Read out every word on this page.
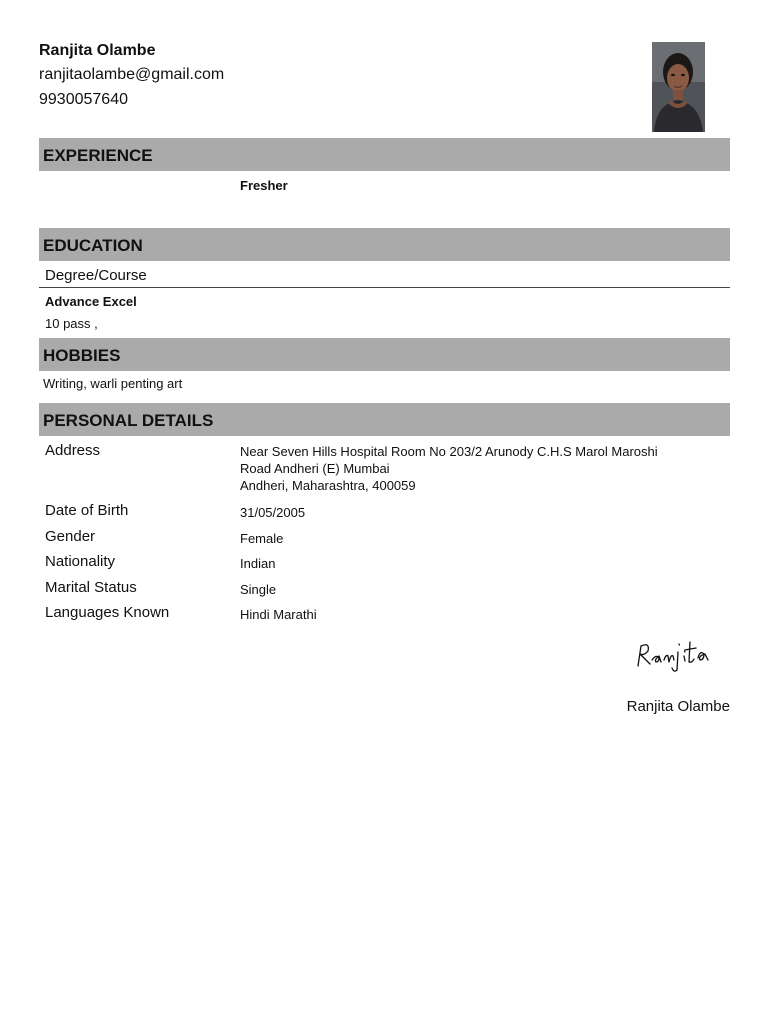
Ranjita Olambe
ranjitaolambe@gmail.com
9930057640
EXPERIENCE
Fresher
EDUCATION
Degree/Course
Advance Excel
10 pass ,
HOBBIES
Writing, warli penting art
PERSONAL DETAILS
Address	Near Seven Hills Hospital Room No 203/2 Arunody C.H.S Marol Maroshi
Road Andheri (E) Mumbai
Andheri, Maharashtra, 400059
Date of Birth	31/05/2005
Gender	Female
Nationality	Indian
Marital Status	Single
Languages Known	Hindi Marathi
Ranjita Olambe
